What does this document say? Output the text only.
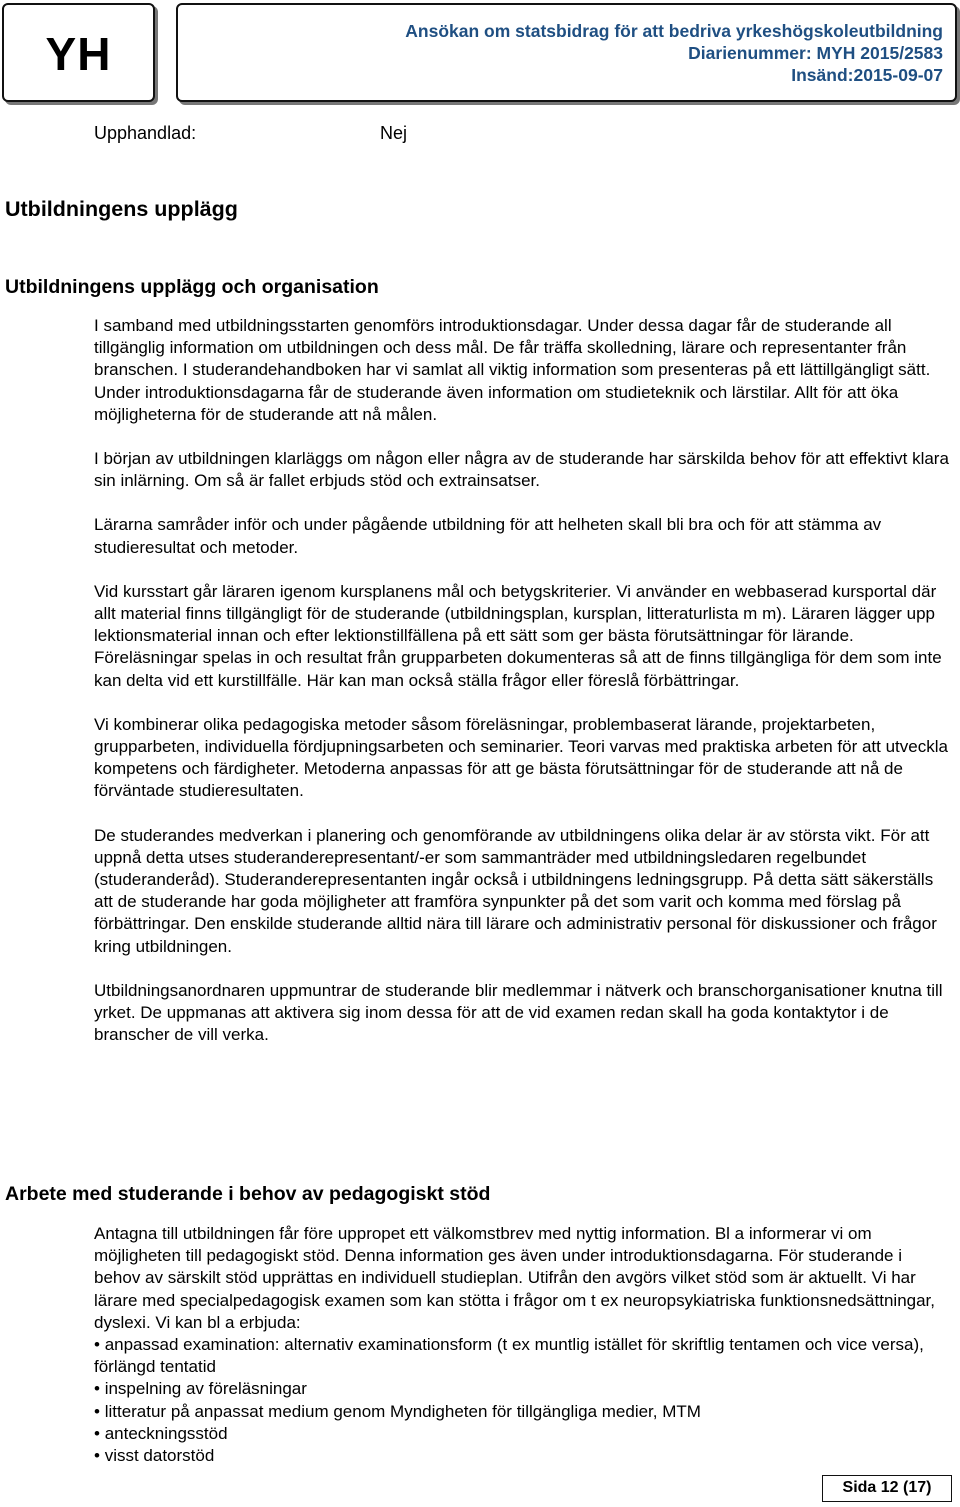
YH	Ansökan om statsbidrag för att bedriva yrkeshögskoleutbildning
Diarienummer: MYH 2015/2583
Insänd:2015-09-07
Upphandlad:	Nej
Utbildningens upplägg
Utbildningens upplägg och organisation

I samband med utbildningsstarten genomförs introduktionsdagar. Under dessa dagar får de studerande all tillgänglig information om utbildningen och dess mål. De får träffa skolledning, lärare och representanter från branschen. I studerandehandboken har vi samlat all viktig information som presenteras på ett lättillgängligt sätt. Under introduktionsdagarna får de studerande även information om studieteknik och lärstilar. Allt för att öka möjligheterna för de studerande att nå målen.

I början av utbildningen klarläggs om någon eller några av de studerande har särskilda behov för att effektivt klara sin inlärning. Om så är fallet erbjuds stöd och extrainsatser.

Lärarna samråder inför och under pågående utbildning för att helheten skall bli bra och för att stämma av studieresultat och metoder.

Vid kursstart går läraren igenom kursplanens mål och betygskriterier. Vi använder en webbaserad kursportal där allt material finns tillgängligt för de studerande (utbildningsplan, kursplan, litteraturlista m m). Läraren lägger upp lektionsmaterial innan och efter lektionstillfällena på ett sätt som ger bästa förutsättningar för lärande. Föreläsningar spelas in och resultat från grupparbeten dokumenteras så att de finns tillgängliga för dem som inte kan delta vid ett kurstillfälle. Här kan man också ställa frågor eller föreslå förbättringar.

Vi kombinerar olika pedagogiska metoder såsom föreläsningar, problembaserat lärande, projektarbeten, grupparbeten, individuella fördjupningsarbeten och seminarier. Teori varvas med praktiska arbeten för att utveckla kompetens och färdigheter. Metoderna anpassas för att ge bästa förutsättningar för de studerande att nå de förväntade studieresultaten.

De studerandes medverkan i planering och genomförande av utbildningens olika delar är av största vikt. För att uppnå detta utses studeranderepresentant/-er som sammanträder med utbildningsledaren regelbundet (studeranderåd). Studeranderepresentanten ingår också i utbildningens ledningsgrupp. På detta sätt säkerställs att de studerande har goda möjligheter att framföra synpunkter på det som varit och komma med förslag på förbättringar. Den enskilde studerande alltid nära till lärare och administrativ personal för diskussioner och frågor kring utbildningen.

Utbildningsanordnaren uppmuntrar de studerande blir medlemmar i nätverk och branschorganisationer knutna till yrket. De uppmanas att aktivera sig inom dessa för att de vid examen redan skall ha goda kontaktytor i de branscher de vill verka.

Arbete med studerande i behov av pedagogiskt stöd

Antagna till utbildningen får före uppropet ett välkomstbrev med nyttig information. Bl a informerar vi om möjligheten till pedagogiskt stöd. Denna information ges även under introduktionsdagarna. För studerande i behov av särskilt stöd upprättas en individuell studieplan. Utifrån den avgörs vilket stöd som är aktuellt. Vi har lärare med specialpedagogisk examen som kan stötta i frågor om t ex neuropsykiatriska funktionsnedsättningar, dyslexi. Vi kan bl a erbjuda:

• anpassad examination: alternativ examinationsform (t ex muntlig istället för skriftlig tentamen och vice versa), förlängd tentatid
• inspelning av föreläsningar
• litteratur på anpassat medium genom Myndigheten för tillgängliga medier, MTM
• anteckningsstöd
• visst datorstöd
Sida 12 (17)
